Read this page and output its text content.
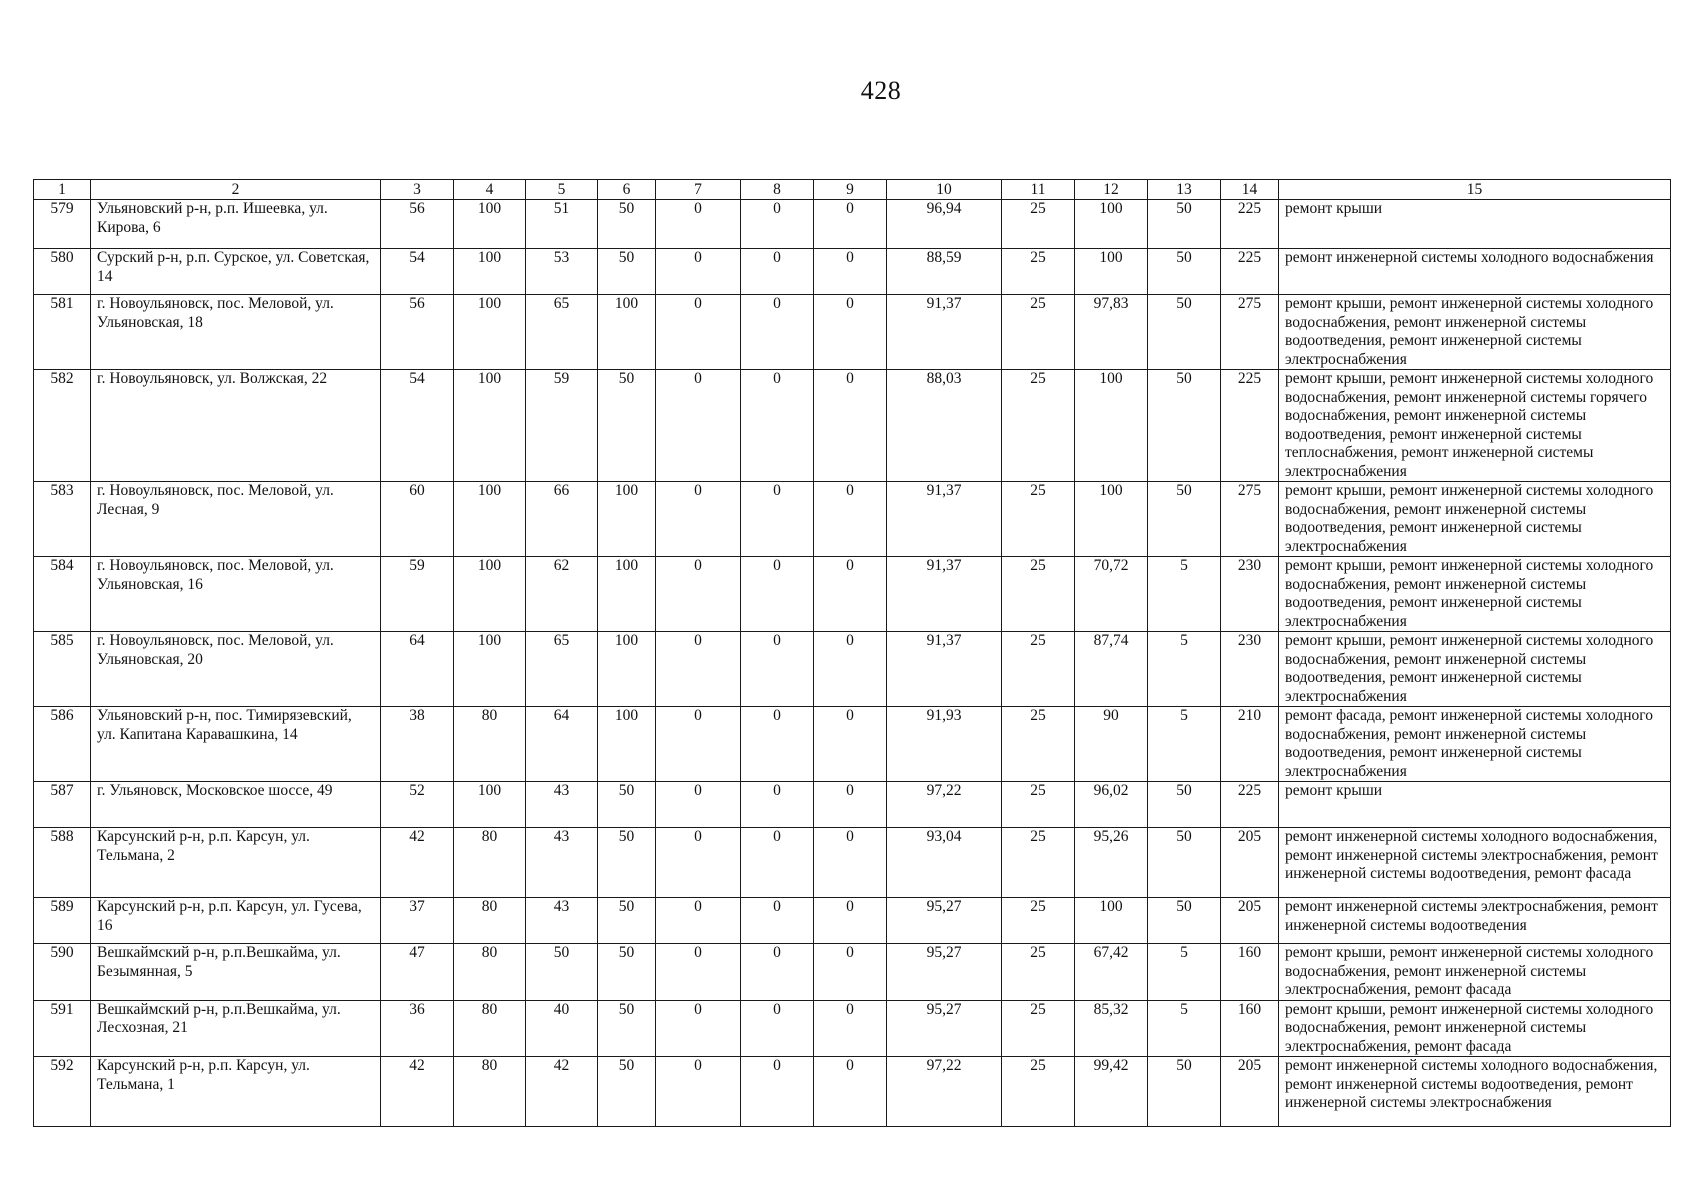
428
1	2	3	4	5	6	7	8	9	10	11	12	13	14	15
579	Ульяновский р-н, р.п. Ишеевка, ул. Кирова, 6	56	100	51	50	0	0	0	96,94	25	100	50	225	ремонт крыши
580	Сурский р-н, р.п. Сурское, ул. Советская, 14	54	100	53	50	0	0	0	88,59	25	100	50	225	ремонт инженерной системы холодного водоснабжения
581	г. Новоульяновск, пос. Меловой, ул. Ульяновская, 18	56	100	65	100	0	0	0	91,37	25	97,83	50	275	ремонт крыши, ремонт инженерной системы холодного водоснабжения, ремонт инженерной системы водоотведения, ремонт инженерной системы электроснабжения
582	г. Новоульяновск, ул. Волжская, 22	54	100	59	50	0	0	0	88,03	25	100	50	225	ремонт крыши, ремонт инженерной системы холодного водоснабжения, ремонт инженерной системы горячего водоснабжения, ремонт инженерной системы водоотведения, ремонт инженерной системы теплоснабжения, ремонт инженерной системы электроснабжения
583	г. Новоульяновск, пос. Меловой, ул. Лесная, 9	60	100	66	100	0	0	0	91,37	25	100	50	275	ремонт крыши, ремонт инженерной системы холодного водоснабжения, ремонт инженерной системы водоотведения, ремонт инженерной системы электроснабжения
584	г. Новоульяновск, пос. Меловой, ул. Ульяновская, 16	59	100	62	100	0	0	0	91,37	25	70,72	5	230	ремонт крыши, ремонт инженерной системы холодного водоснабжения, ремонт инженерной системы водоотведения, ремонт инженерной системы электроснабжения
585	г. Новоульяновск, пос. Меловой, ул. Ульяновская, 20	64	100	65	100	0	0	0	91,37	25	87,74	5	230	ремонт крыши, ремонт инженерной системы холодного водоснабжения, ремонт инженерной системы водоотведения, ремонт инженерной системы электроснабжения
586	Ульяновский р-н, пос. Тимирязевский, ул. Капитана Каравашкина, 14	38	80	64	100	0	0	0	91,93	25	90	5	210	ремонт фасада, ремонт инженерной системы холодного водоснабжения, ремонт инженерной системы водоотведения, ремонт инженерной системы электроснабжения
587	г. Ульяновск, Московское шоссе, 49	52	100	43	50	0	0	0	97,22	25	96,02	50	225	ремонт крыши
588	Карсунский р-н, р.п. Карсун, ул. Тельмана, 2	42	80	43	50	0	0	0	93,04	25	95,26	50	205	ремонт инженерной системы холодного водоснабжения, ремонт инженерной системы электроснабжения, ремонт инженерной системы водоотведения, ремонт фасада
589	Карсунский р-н, р.п. Карсун, ул. Гусева, 16	37	80	43	50	0	0	0	95,27	25	100	50	205	ремонт инженерной системы электроснабжения, ремонт инженерной системы водоотведения
590	Вешкаймский р-н, р.п.Вешкайма, ул. Безымянная, 5	47	80	50	50	0	0	0	95,27	25	67,42	5	160	ремонт крыши, ремонт инженерной системы холодного водоснабжения, ремонт инженерной системы электроснабжения, ремонт фасада
591	Вешкаймский р-н, р.п.Вешкайма, ул. Лесхозная, 21	36	80	40	50	0	0	0	95,27	25	85,32	5	160	ремонт крыши, ремонт инженерной системы холодного водоснабжения, ремонт инженерной системы электроснабжения, ремонт фасада
592	Карсунский р-н, р.п. Карсун, ул. Тельмана, 1	42	80	42	50	0	0	0	97,22	25	99,42	50	205	ремонт инженерной системы холодного водоснабжения, ремонт инженерной системы водоотведения, ремонт инженерной системы электроснабжения
